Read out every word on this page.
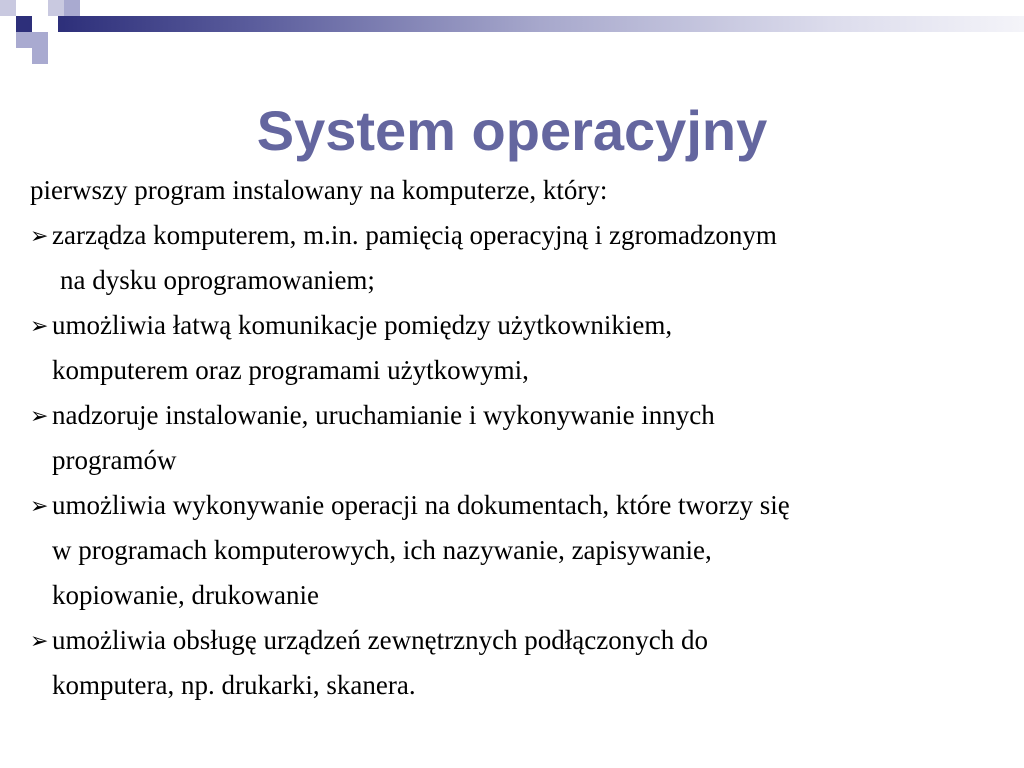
System operacyjny

pierwszy program instalowany na komputerze, który:

➢ zarządza komputerem, m.in. pamięcią operacyjną i zgromadzonym
na dysku oprogramowaniem;
➢ umożliwia łatwą komunikacje pomiędzy użytkownikiem,
komputerem oraz programami użytkowymi,
➢ nadzoruje instalowanie, uruchamianie i wykonywanie innych
programów
➢ umożliwia wykonywanie operacji na dokumentach, które tworzy się
w programach komputerowych, ich nazywanie, zapisywanie,
kopiowanie, drukowanie
➢ umożliwia obsługę urządzeń zewnętrznych podłączonych do
komputera, np. drukarki, skanera.
